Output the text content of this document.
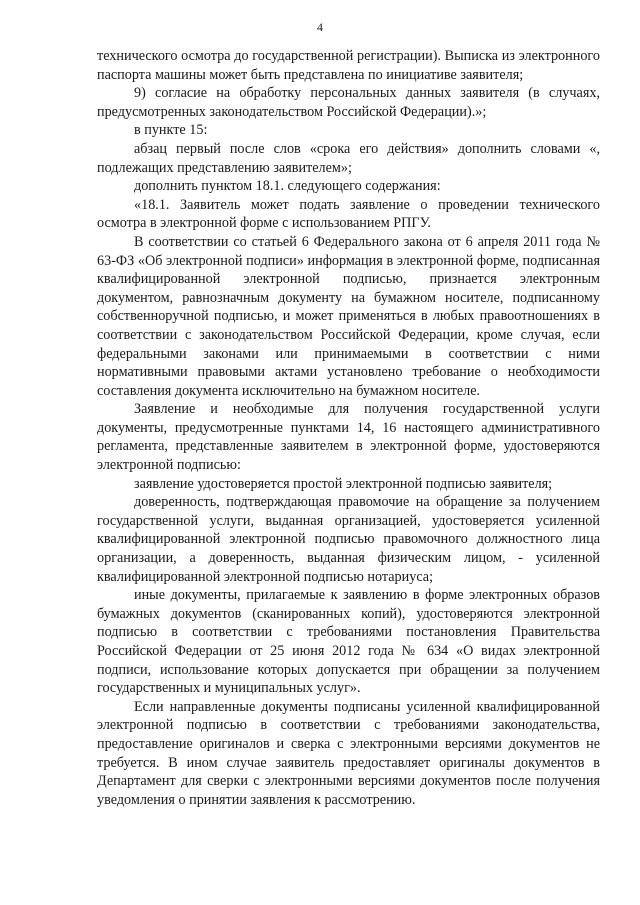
4

технического осмотра до государственной регистрации). Выписка из электронного паспорта машины может быть представлена по инициативе заявителя;

9) согласие на обработку персональных данных заявителя (в случаях, предусмотренных законодательством Российской Федерации).»;

в пункте 15:

абзац первый после слов «срока его действия» дополнить словами «, подлежащих представлению заявителем»;

дополнить пунктом 18.1. следующего содержания:

«18.1. Заявитель может подать заявление о проведении технического осмотра в электронной форме с использованием РПГУ.

В соответствии со статьей 6 Федерального закона от 6 апреля 2011 года № 63-ФЗ «Об электронной подписи» информация в электронной форме, подписанная квалифицированной электронной подписью, признается электронным документом, равнозначным документу на бумажном носителе, подписанному собственноручной подписью, и может применяться в любых правоотношениях в соответствии с законодательством Российской Федерации, кроме случая, если федеральными законами или принимаемыми в соответствии с ними нормативными правовыми актами установлено требование о необходимости составления документа исключительно на бумажном носителе.

Заявление и необходимые для получения государственной услуги документы, предусмотренные пунктами 14, 16 настоящего административного регламента, представленные заявителем в электронной форме, удостоверяются электронной подписью:

заявление удостоверяется простой электронной подписью заявителя;

доверенность, подтверждающая правомочие на обращение за получением государственной услуги, выданная организацией, удостоверяется усиленной квалифицированной электронной подписью правомочного должностного лица организации, а доверенность, выданная физическим лицом, - усиленной квалифицированной электронной подписью нотариуса;

иные документы, прилагаемые к заявлению в форме электронных образов бумажных документов (сканированных копий), удостоверяются электронной подписью в соответствии с требованиями постановления Правительства Российской Федерации от 25 июня 2012 года № 634 «О видах электронной подписи, использование которых допускается при обращении за получением государственных и муниципальных услуг».

Если направленные документы подписаны усиленной квалифицированной электронной подписью в соответствии с требованиями законодательства, предоставление оригиналов и сверка с электронными версиями документов не требуется. В ином случае заявитель предоставляет оригиналы документов в Департамент для сверки с электронными версиями документов после получения уведомления о принятии заявления к рассмотрению.
